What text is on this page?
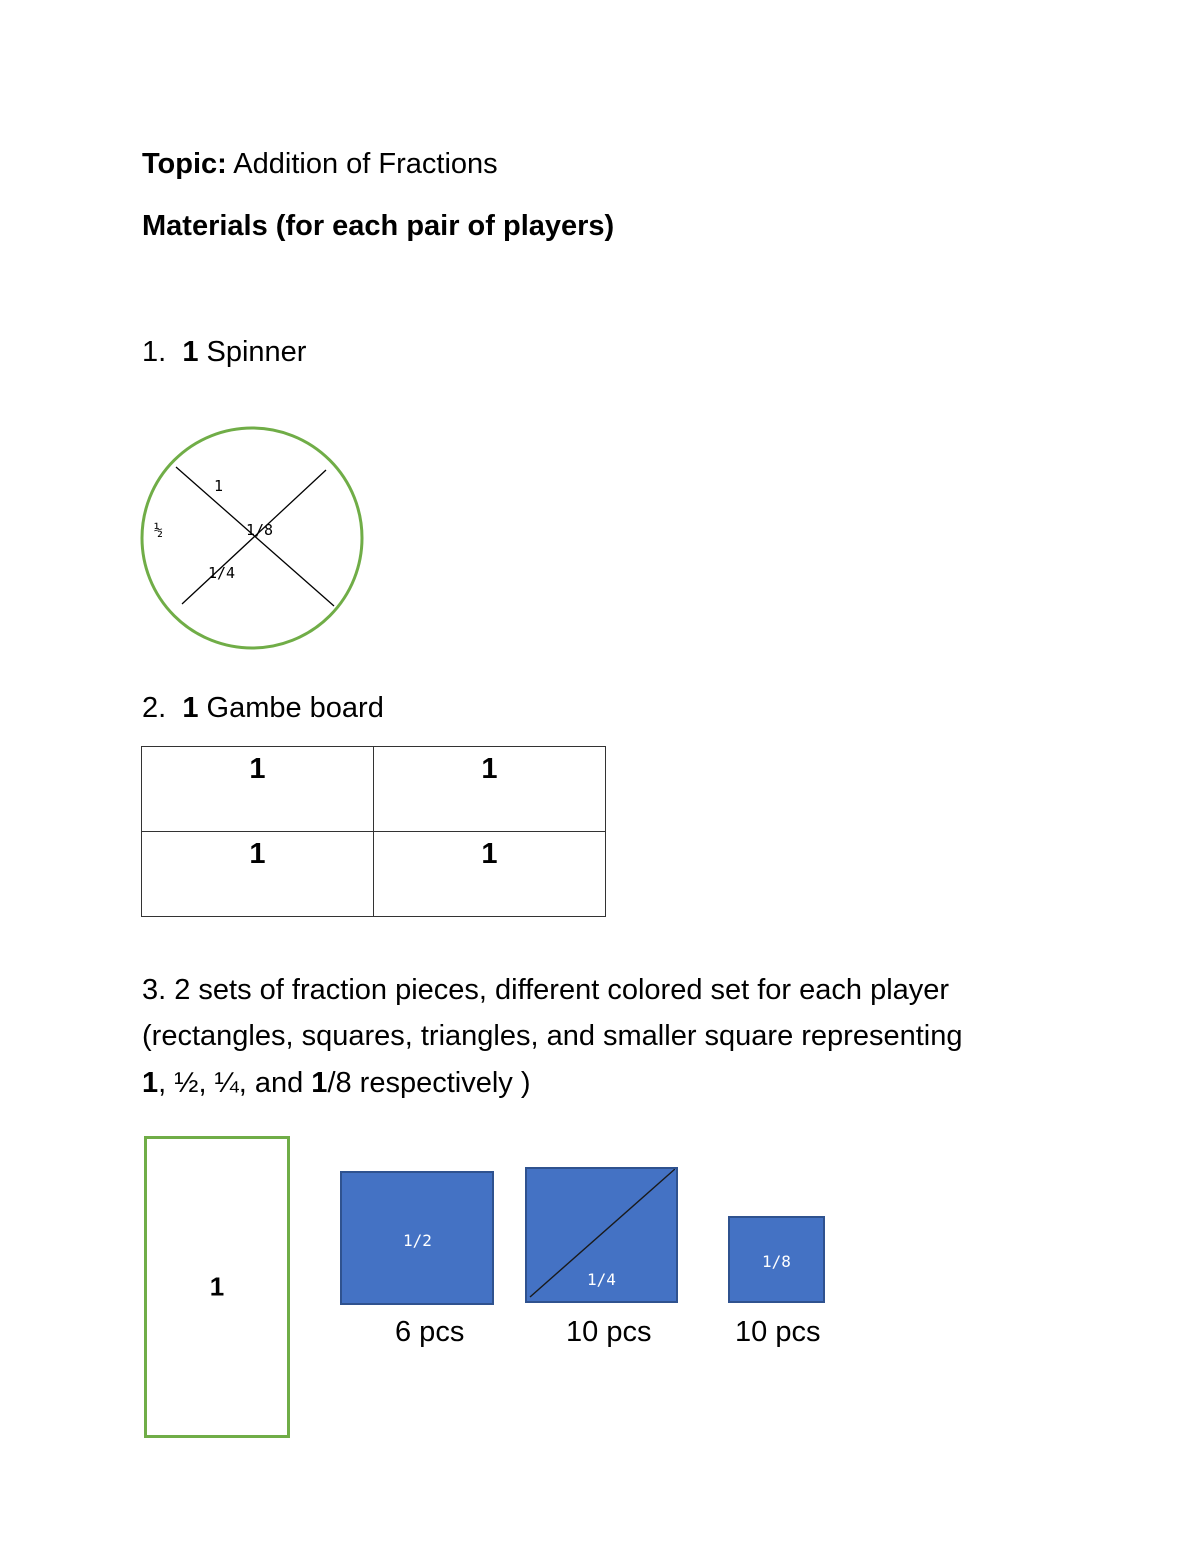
Topic: Addition of Fractions
Materials (for each pair of players)
1. 1 Spinner
1
½	1/8
1/4
2. 1 Gambe board
1	1
1	1
3. 2 sets of fraction pieces, different colored set for each player
(rectangles, squares, triangles, and smaller square representing
1, ½, ¼, and 1/8 respectively )
1
1/2
6 pcs
1/4
10 pcs
1/8
10 pcs
